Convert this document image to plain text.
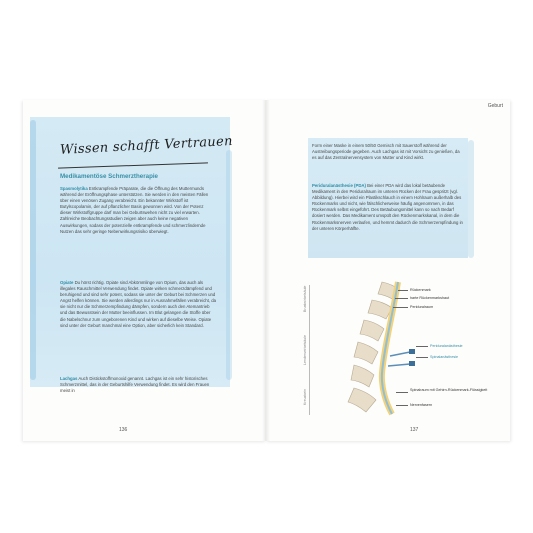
Wissen schafft Vertrauen
Medikamentöse Schmerztherapie
Spasmolytika Entkrampfende Präparate, die die Öffnung des Muttermunds während der Eröffnungsphase unterstützen. Sie werden in den meisten Fällen über einen venösen Zugang verabreicht. Ein bekannter Wirkstoff ist Butylscopolamin, der auf pflanzlicher Basis gewonnen wird. Von der Potenz dieser Wirkstoffgruppe darf man bei Geburtswehen nicht zu viel erwarten. Zahlreiche Beobachtungsstudien zeigen aber auch keine negativen Auswirkungen, sodass der potenzielle entkrampfende und schmerzlindernde Nutzen das sehr geringe Nebenwirkungsrisiko überwiegt.
Opiate Du hörst richtig. Opiate sind Abkömmlinge von Opium, das auch als illegales Rauschmittel Verwendung findet. Opiate wirken schmerzdämpfend und beruhigend und sind sehr potent, sodass sie unter der Geburt bei Schmerzen und Angst helfen können. Sie werden allerdings nur in Ausnahmefällen verabreicht, da sie nicht nur die Schmerzempfindung dämpfen, sondern auch den Atemantrieb und das Bewusstsein der Mutter beeinflussen. Im Blut gelangen die Stoffe über die Nabelschnur zum ungeborenen Kind und wirken auf dieselbe Weise. Opiate sind unter der Geburt manchmal eine Option, aber sicherlich kein Standard.
Lachgas Auch Distickstoffmonoxid genannt. Lachgas ist ein sehr historisches Schmerzmittel, das in der Geburtshilfe Verwendung findet. Es wird den Frauen meist in
136
Geburt
Form einer Maske in einem 50/50 Gemisch mit Sauerstoff während der Austreibungsperiode gegeben. Auch Lachgas ist mit Vorsicht zu genießen, da es auf das Zentralnervensystem von Mutter und Kind wirkt.
Periduralanästhesie (PDA) Bei einer PDA wird das lokal betäubende Medikament in den Periduralraum im unteren Rücken der Frau gespritzt (vgl. Abbildung). Hierbei wird ein Plastikschlauch in einem Hohlraum außerhalb des Rückenmarks und nicht, wie fälschlicherweise häufig angenommen, in das Rückenmark selbst eingeführt. Des Betäubungsmittel kann so nach Bedarf dosiert werden. Das Medikament umspült den Rückenmarkskanal, in dem die Rückenmarksnerven verlaufen, und hemmt dadurch die Schmerzempfindung in der unteren Körperhälfte.
Brustwirbelsäule
Lendenwirbelsäule
Kreuzbein
Rückenmark
harte Rückenmarkshaut
Periduralraum
Periduralanästhesie
Spinalanästhesie
Spinalraum mit Gehirn-Rückenmark-Flüssigkeit
Nervenfasern
137
